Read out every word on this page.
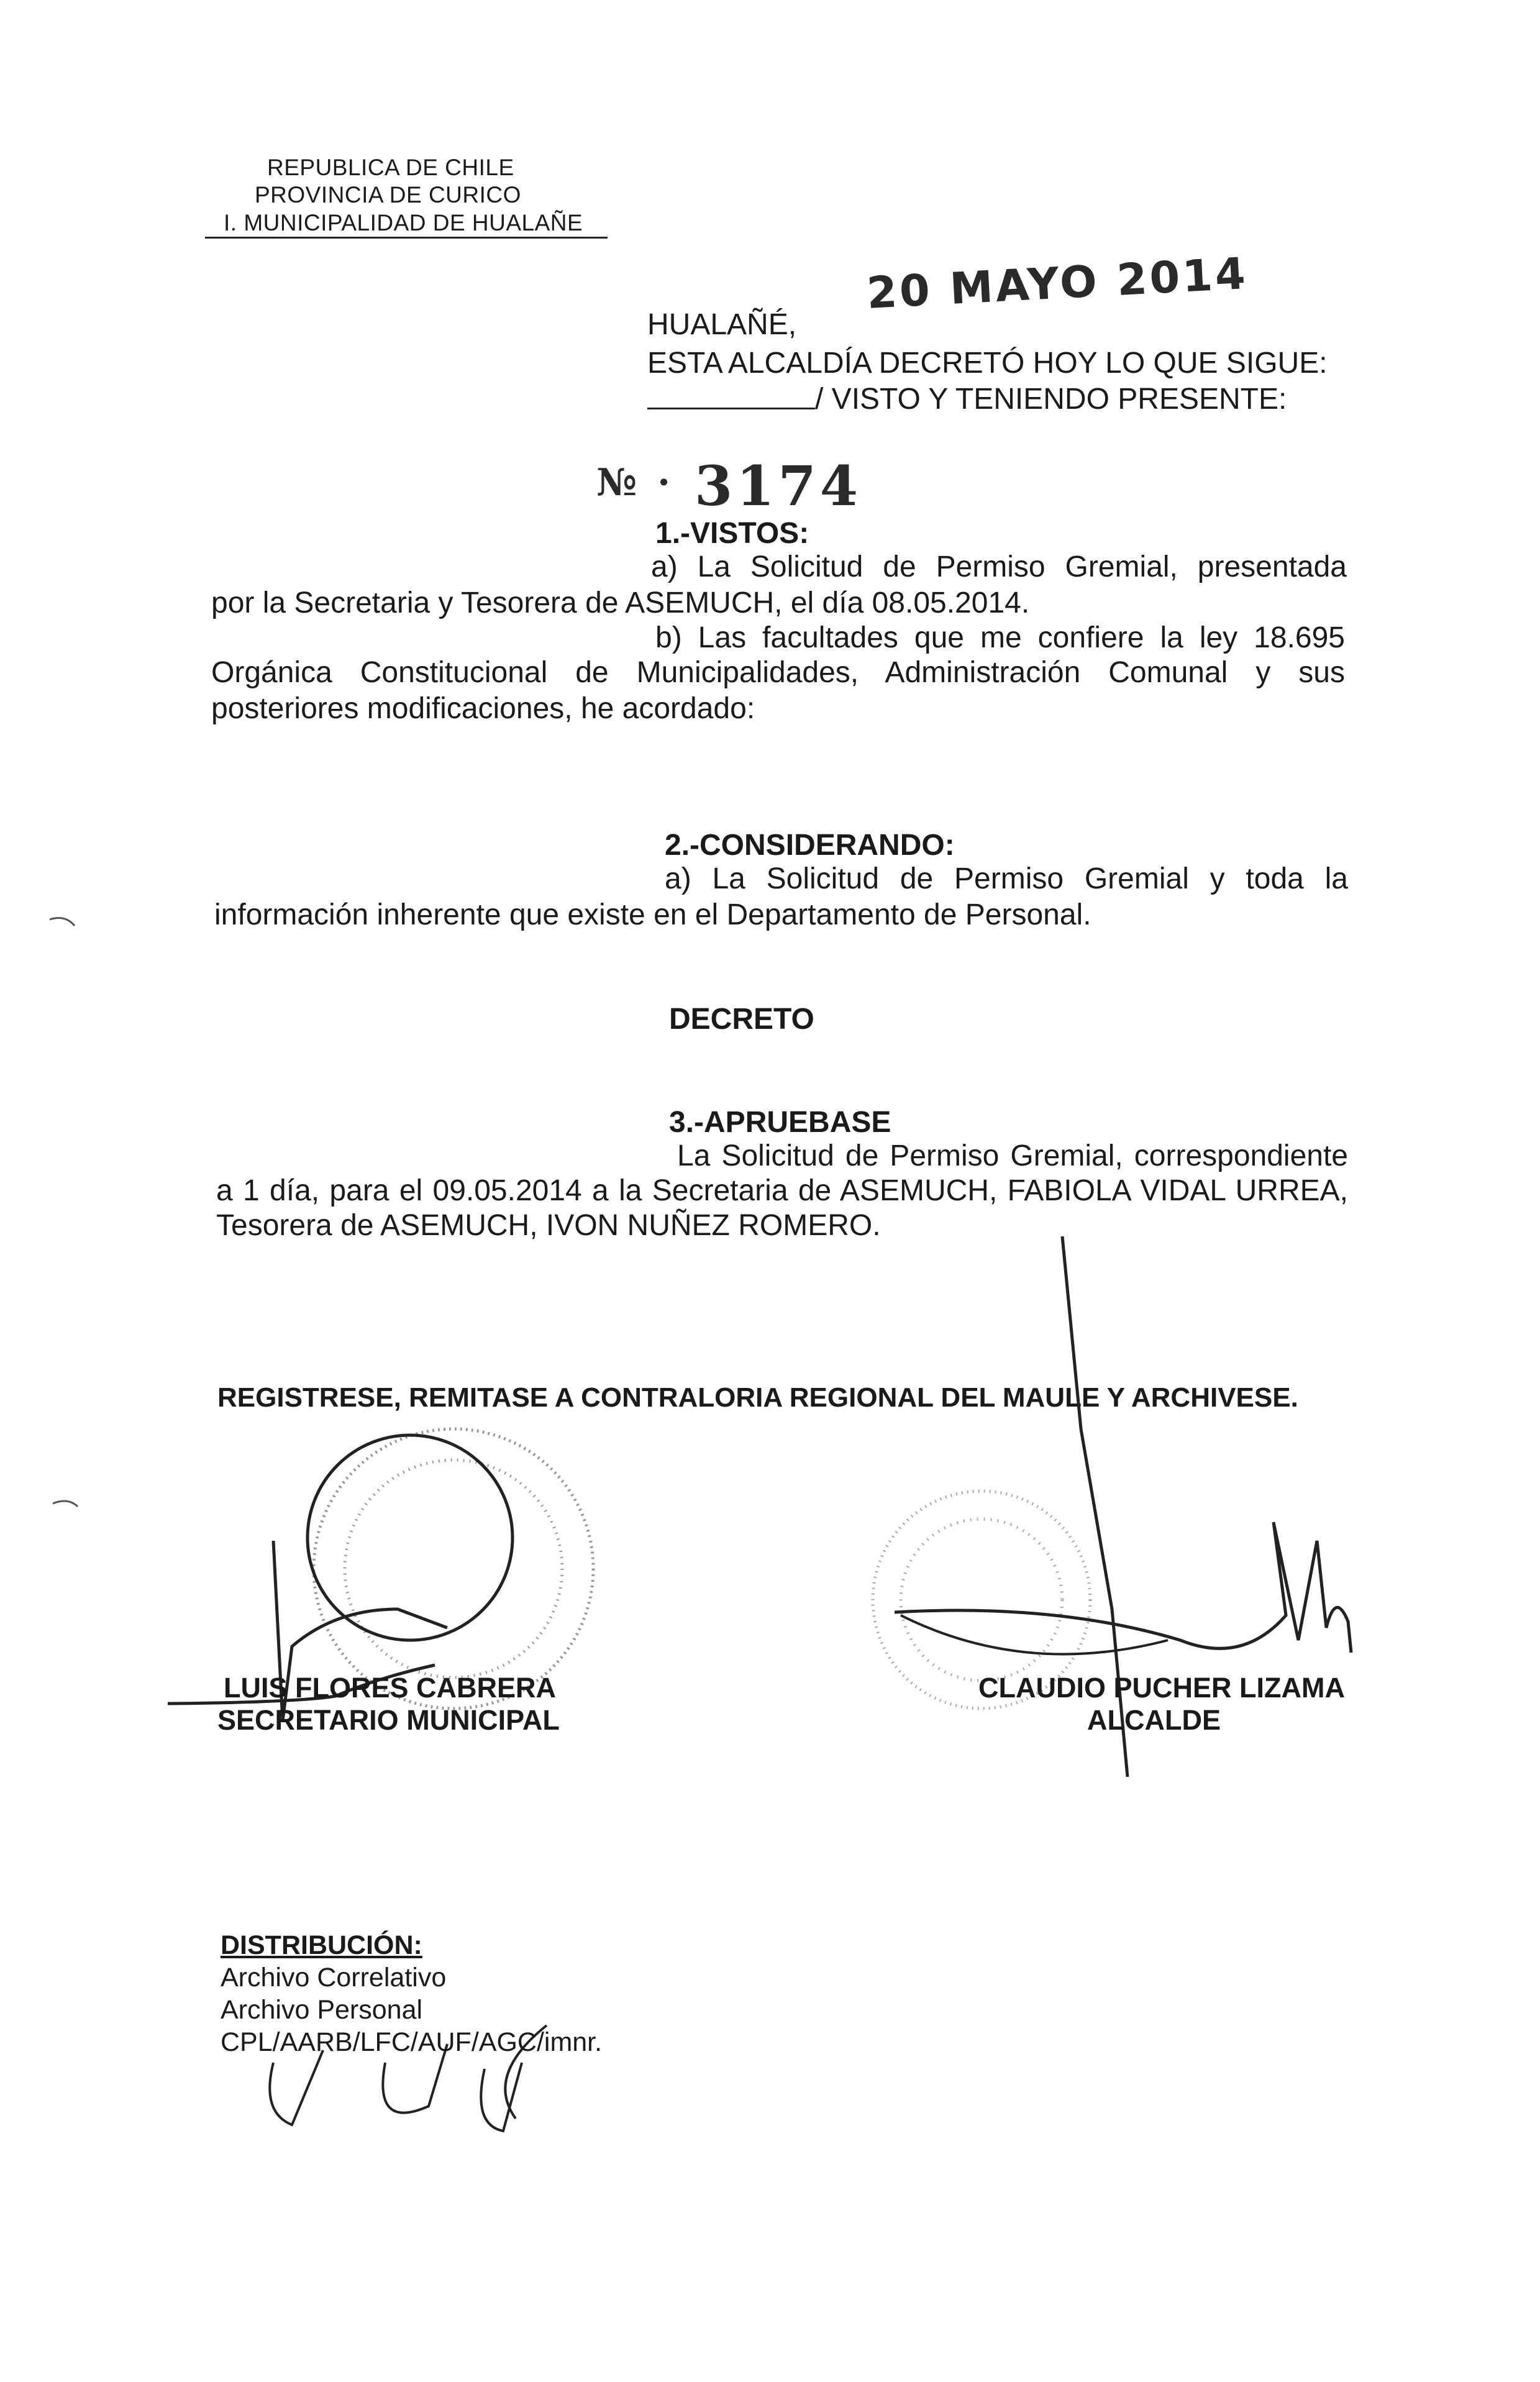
REPUBLICA DE CHILE
PROVINCIA DE CURICO
I. MUNICIPALIDAD DE HUALAÑE
20 MAYO 2014
HUALAÑÉ,
ESTA ALCALDÍA DECRETÓ HOY LO QUE SIGUE:
/ VISTO Y TENIENDO PRESENTE:
№ · 3174
1.-VISTOS:
a) La Solicitud de Permiso Gremial, presentada
por la Secretaria y Tesorera de ASEMUCH, el día 08.05.2014.
b) Las facultades que me confiere la ley 18.695
Orgánica Constitucional de Municipalidades, Administración Comunal y sus
posteriores modificaciones, he acordado:
2.-CONSIDERANDO:
a) La Solicitud de Permiso Gremial y toda la
información inherente que existe en el Departamento de Personal.
DECRETO
3.-APRUEBASE
La Solicitud de Permiso Gremial, correspondiente
a 1 día, para el 09.05.2014 a la Secretaria de ASEMUCH, FABIOLA VIDAL URREA,
Tesorera de ASEMUCH, IVON NUÑEZ ROMERO.
REGISTRESE, REMITASE A CONTRALORIA REGIONAL DEL MAULE Y ARCHIVESE.
LUIS FLORES CABRERA
SECRETARIO MUNICIPAL
CLAUDIO PUCHER LIZAMA
ALCALDE
DISTRIBUCIÓN:
Archivo Correlativo
Archivo Personal
CPL/AARB/LFC/AUF/AGC/imnr.
